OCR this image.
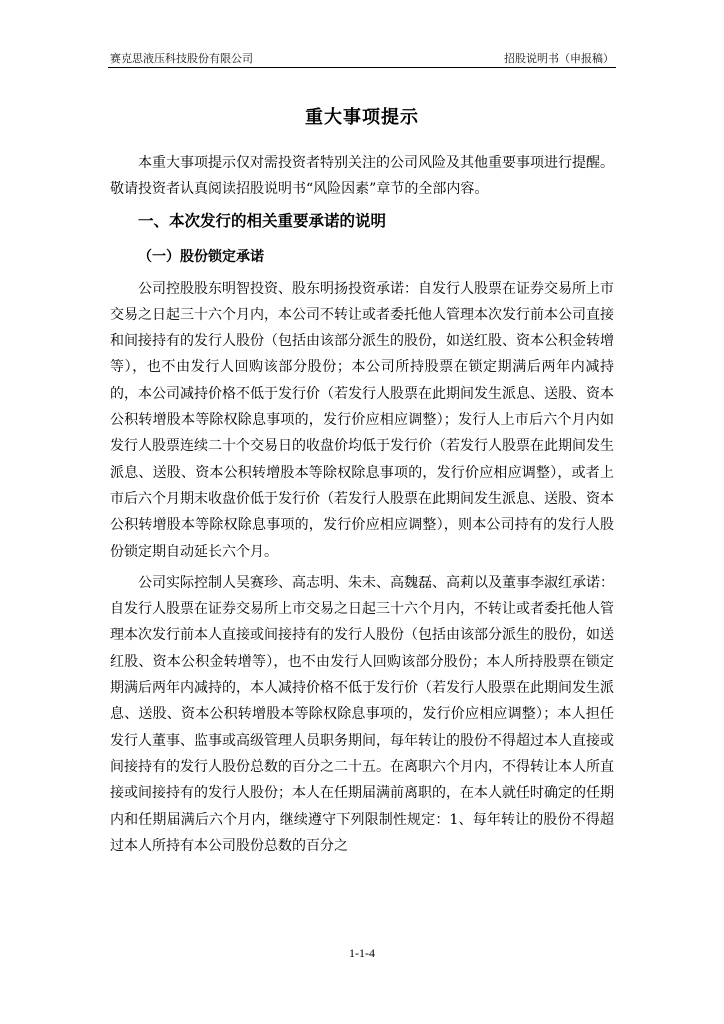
赛克思液压科技股份有限公司	招股说明书（申报稿）
重大事项提示

本重大事项提示仅对需投资者特别关注的公司风险及其他重要事项进行提醒。敬请投资者认真阅读招股说明书“风险因素”章节的全部内容。

一、本次发行的相关重要承诺的说明
（一）股份锁定承诺

公司控股股东明智投资、股东明扬投资承诺：自发行人股票在证券交易所上市交易之日起三十六个月内，本公司不转让或者委托他人管理本次发行前本公司直接和间接持有的发行人股份（包括由该部分派生的股份，如送红股、资本公积金转增等），也不由发行人回购该部分股份；本公司所持股票在锁定期满后两年内减持的，本公司减持价格不低于发行价（若发行人股票在此期间发生派息、送股、资本公积转增股本等除权除息事项的，发行价应相应调整）；发行人上市后六个月内如发行人股票连续二十个交易日的收盘价均低于发行价（若发行人股票在此期间发生派息、送股、资本公积转增股本等除权除息事项的，发行价应相应调整），或者上市后六个月期末收盘价低于发行价（若发行人股票在此期间发生派息、送股、资本公积转增股本等除权除息事项的，发行价应相应调整），则本公司持有的发行人股份锁定期自动延长六个月。

公司实际控制人吴赛珍、高志明、朱未、高魏磊、高莉以及董事李淑红承诺：自发行人股票在证券交易所上市交易之日起三十六个月内，不转让或者委托他人管理本次发行前本人直接或间接持有的发行人股份（包括由该部分派生的股份，如送红股、资本公积金转增等），也不由发行人回购该部分股份；本人所持股票在锁定期满后两年内减持的，本人减持价格不低于发行价（若发行人股票在此期间发生派息、送股、资本公积转增股本等除权除息事项的，发行价应相应调整）；本人担任发行人董事、监事或高级管理人员职务期间，每年转让的股份不得超过本人直接或间接持有的发行人股份总数的百分之二十五。在离职六个月内，不得转让本人所直接或间接持有的发行人股份；本人在任期届满前离职的，在本人就任时确定的任期内和任期届满后六个月内，继续遵守下列限制性规定：1、每年转让的股份不得超过本人所持有本公司股份总数的百分之

1-1-4
